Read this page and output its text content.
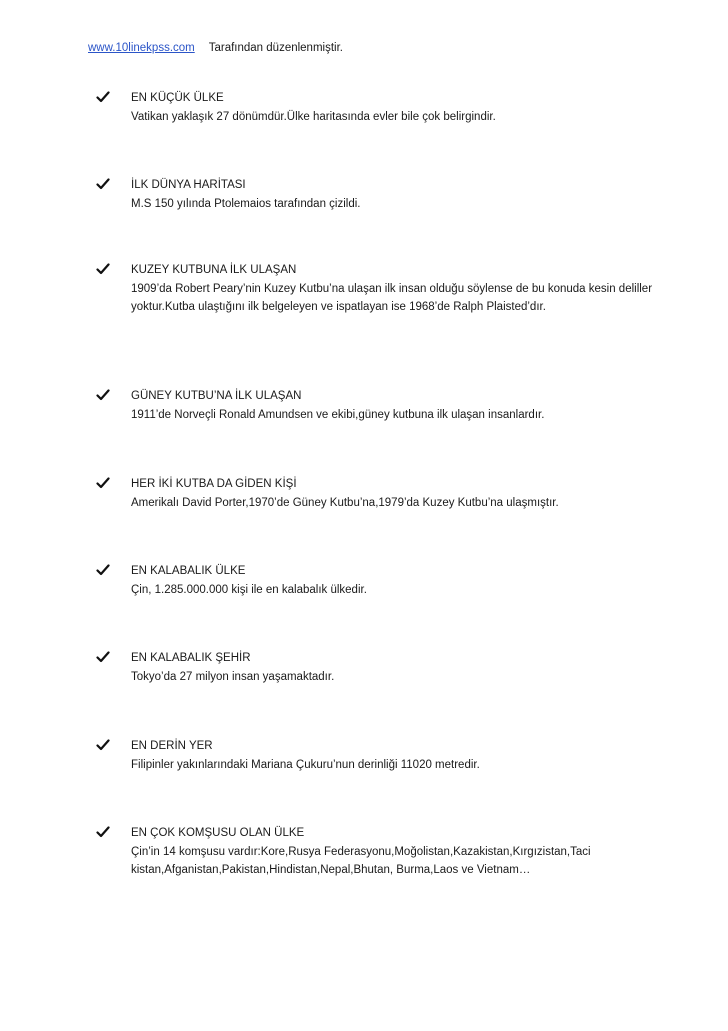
www.10linekpss.com Tarafından düzenlenmiştir.
EN KÜÇÜK ÜLKE
Vatikan yaklaşık 27 dönümdür.Ülke haritasında evler bile çok belirgindir.
İLK DÜNYA HARİTASI
M.S 150 yılında Ptolemaios tarafından çizildi.
KUZEY KUTBUNA İLK ULAŞAN
1909’da Robert Peary’nin Kuzey Kutbu’na ulaşan ilk insan olduğu söylense de bu konuda kesin deliller yoktur.Kutba ulaştığını ilk belgeleyen ve ispatlayan ise 1968’de Ralph Plaisted’dır.
GÜNEY KUTBU’NA İLK ULAŞAN
1911’de Norveçli Ronald Amundsen ve ekibi,güney kutbuna ilk ulaşan insanlardır.
HER İKİ KUTBA DA GİDEN KİŞİ
Amerikalı David Porter,1970’de Güney Kutbu’na,1979’da Kuzey Kutbu’na ulaşmıştır.
EN KALABALIK ÜLKE
Çin, 1.285.000.000 kişi ile en kalabalık ülkedir.
EN KALABALIK ŞEHİR
Tokyo’da 27 milyon insan yaşamaktadır.
EN DERİN YER
Filipinler yakınlarındaki Mariana Çukuru’nun derinliği 11020 metredir.
EN ÇOK KOMŞUSU OLAN ÜLKE
Çin’in 14 komşusu vardır:Kore,Rusya Federasyonu,Moğolistan,Kazakistan,Kırgızistan,Taci kistan,Afganistan,Pakistan,Hindistan,Nepal,Bhutan, Burma,Laos ve Vietnam…
